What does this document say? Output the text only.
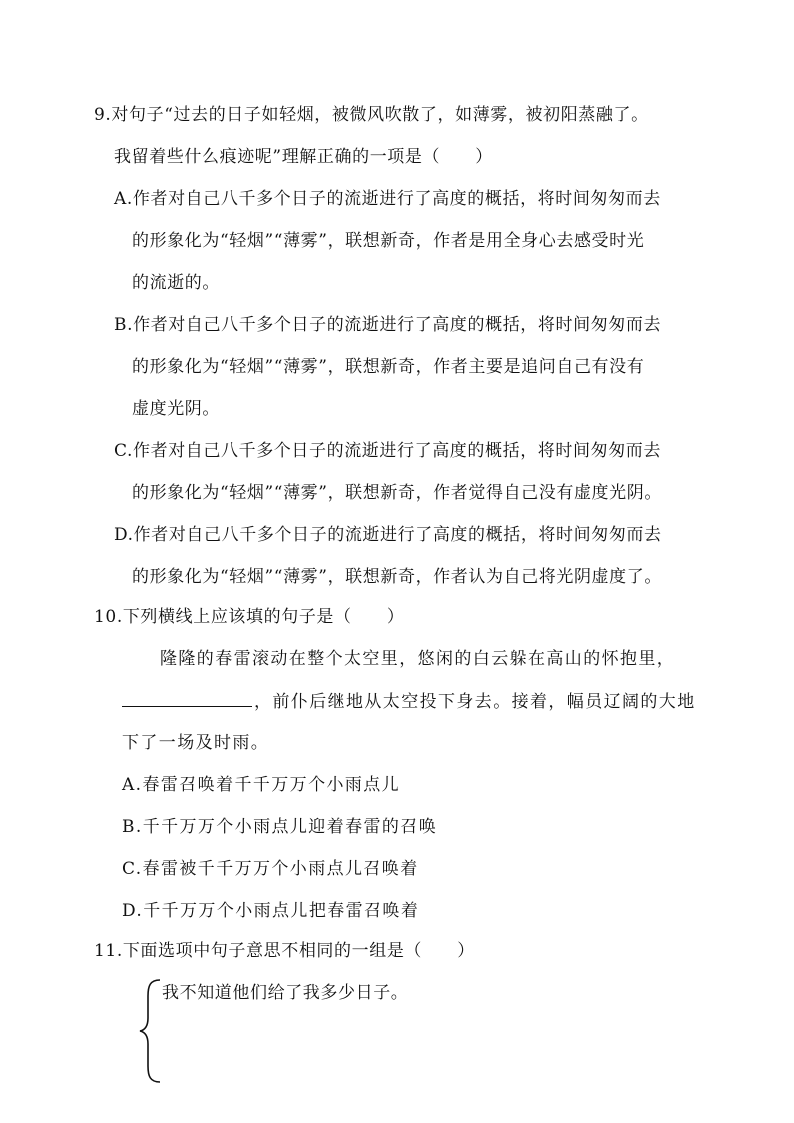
9.对句子“过去的日子如轻烟，被微风吹散了，如薄雾，被初阳蒸融了。
我留着些什么痕迹呢”理解正确的一项是（　　）
A.作者对自己八千多个日子的流逝进行了高度的概括，将时间匆匆而去
的形象化为“轻烟”“薄雾”，联想新奇，作者是用全身心去感受时光
的流逝的。
B.作者对自己八千多个日子的流逝进行了高度的概括，将时间匆匆而去
的形象化为“轻烟”“薄雾”，联想新奇，作者主要是追问自己有没有
虚度光阴。
C.作者对自己八千多个日子的流逝进行了高度的概括，将时间匆匆而去
的形象化为“轻烟”“薄雾”，联想新奇，作者觉得自己没有虚度光阴。
D.作者对自己八千多个日子的流逝进行了高度的概括，将时间匆匆而去
的形象化为“轻烟”“薄雾”，联想新奇，作者认为自己将光阴虚度了。
10.下列横线上应该填的句子是（　　）
隆隆的春雷滚动在整个太空里，悠闲的白云躲在高山的怀抱里，
，前仆后继地从太空投下身去。接着，幅员辽阔的大地
下了一场及时雨。
A.春雷召唤着千千万万个小雨点儿
B.千千万万个小雨点儿迎着春雷的召唤
C.春雷被千千万万个小雨点儿召唤着
D.千千万万个小雨点儿把春雷召唤着
11.下面选项中句子意思不相同的一组是（　　）
我不知道他们给了我多少日子。
